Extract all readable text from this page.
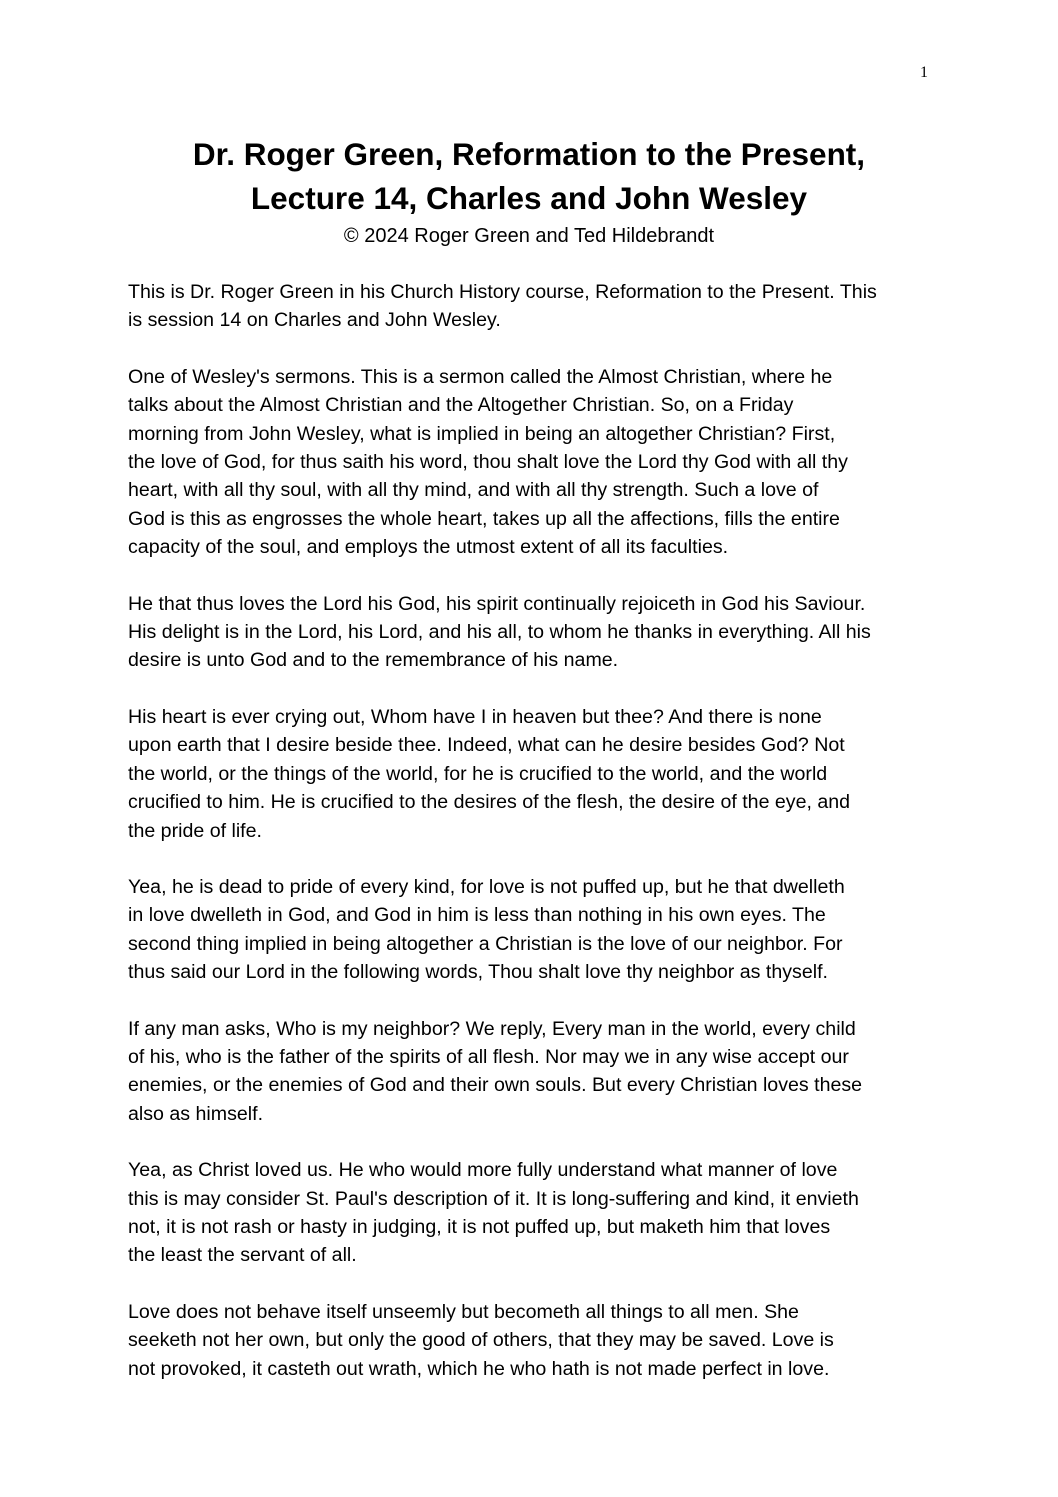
1
Dr. Roger Green, Reformation to the Present,
Lecture 14, Charles and John Wesley
© 2024 Roger Green and Ted Hildebrandt
This is Dr. Roger Green in his Church History course, Reformation to the Present. This
is session 14 on Charles and John Wesley.
One of Wesley's sermons. This is a sermon called the Almost Christian, where he
talks about the Almost Christian and the Altogether Christian. So, on a Friday
morning from John Wesley, what is implied in being an altogether Christian? First,
the love of God, for thus saith his word, thou shalt love the Lord thy God with all thy
heart, with all thy soul, with all thy mind, and with all thy strength. Such a love of
God is this as engrosses the whole heart, takes up all the affections, fills the entire
capacity of the soul, and employs the utmost extent of all its faculties.
He that thus loves the Lord his God, his spirit continually rejoiceth in God his Saviour.
His delight is in the Lord, his Lord, and his all, to whom he thanks in everything. All his
desire is unto God and to the remembrance of his name.
His heart is ever crying out, Whom have I in heaven but thee? And there is none
upon earth that I desire beside thee. Indeed, what can he desire besides God? Not
the world, or the things of the world, for he is crucified to the world, and the world
crucified to him. He is crucified to the desires of the flesh, the desire of the eye, and
the pride of life.
Yea, he is dead to pride of every kind, for love is not puffed up, but he that dwelleth
in love dwelleth in God, and God in him is less than nothing in his own eyes. The
second thing implied in being altogether a Christian is the love of our neighbor. For
thus said our Lord in the following words, Thou shalt love thy neighbor as thyself.
If any man asks, Who is my neighbor? We reply, Every man in the world, every child
of his, who is the father of the spirits of all flesh. Nor may we in any wise accept our
enemies, or the enemies of God and their own souls. But every Christian loves these
also as himself.
Yea, as Christ loved us. He who would more fully understand what manner of love
this is may consider St. Paul's description of it. It is long-suffering and kind, it envieth
not, it is not rash or hasty in judging, it is not puffed up, but maketh him that loves
the least the servant of all.
Love does not behave itself unseemly but becometh all things to all men. She
seeketh not her own, but only the good of others, that they may be saved. Love is
not provoked, it casteth out wrath, which he who hath is not made perfect in love.
